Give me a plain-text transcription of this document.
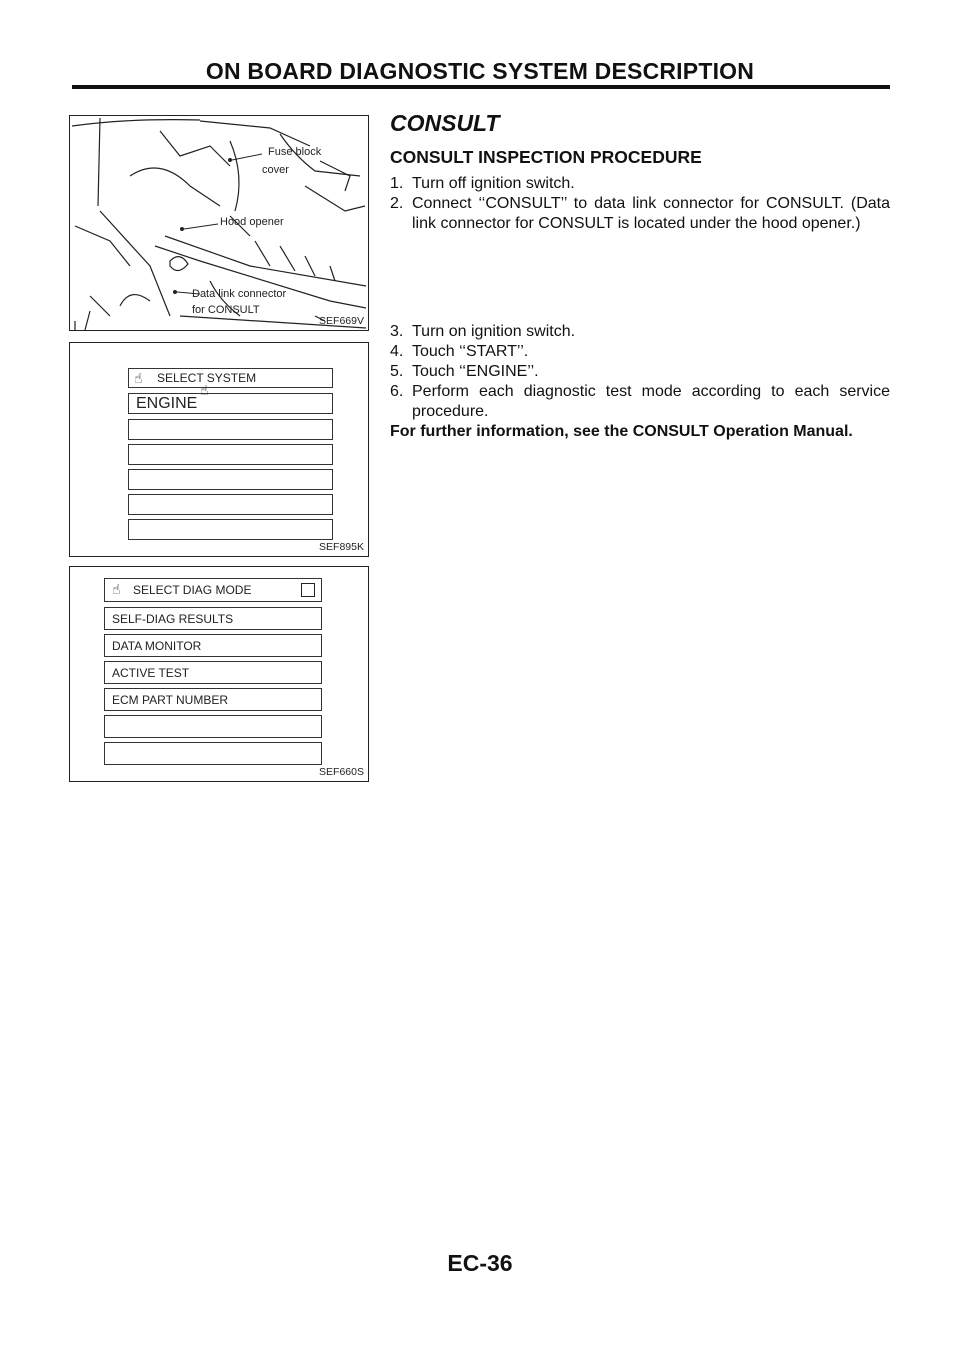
ON BOARD DIAGNOSTIC SYSTEM DESCRIPTION
Fuse block
cover
Hood opener
Data link connector
for CONSULT
SEF669V
SELECT SYSTEM
☝
ENGINE
☝
SEF895K
SELECT DIAG MODE
☝
SELF-DIAG RESULTS
DATA MONITOR
ACTIVE TEST
ECM PART NUMBER
SEF660S
CONSULT
CONSULT INSPECTION PROCEDURE

1. Turn off ignition switch.

2. Connect ‘‘CONSULT’’ to data link connector for CONSULT. (Data link connector for CONSULT is located under the hood opener.)

3. Turn on ignition switch.

4. Touch ‘‘START’’.

5. Touch ‘‘ENGINE’’.

6. Perform each diagnostic test mode according to each service procedure.

For further information, see the CONSULT Operation Manual.

EC-36
